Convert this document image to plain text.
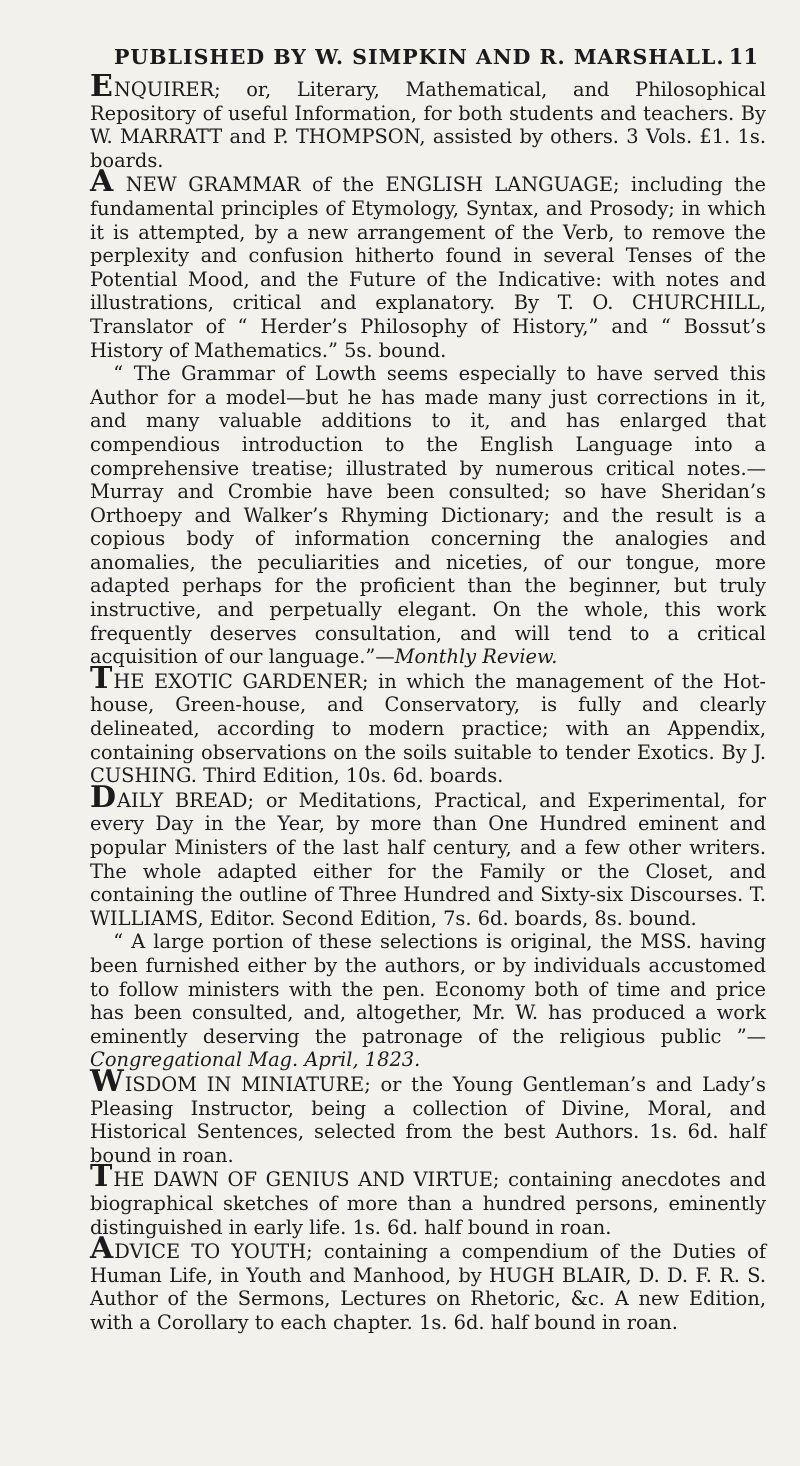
PUBLISHED BY W. SIMPKIN AND R. MARSHALL. 11

ENQUIRER; or, Literary, Mathematical, and Philosophical Repository of useful Information, for both students and teachers. By W. MARRATT and P. THOMPSON, assisted by others. 3 Vols. £1. 1s. boards.

A NEW GRAMMAR of the ENGLISH LANGUAGE; including the fundamental principles of Etymology, Syntax, and Prosody; in which it is attempted, by a new arrangement of the Verb, to remove the perplexity and confusion hitherto found in several Tenses of the Potential Mood, and the Future of the Indicative: with notes and illustrations, critical and explanatory. By T. O. CHURCHILL, Translator of “ Herder’s Philosophy of History,” and “ Bossut’s History of Mathematics.” 5s. bound.

“ The Grammar of Lowth seems especially to have served this Author for a model—but he has made many just corrections in it, and many valuable additions to it, and has enlarged that compendious introduction to the English Language into a comprehensive treatise; illustrated by numerous critical notes.—Murray and Crombie have been consulted; so have Sheridan’s Orthoepy and Walker’s Rhyming Dictionary; and the result is a copious body of information concerning the analogies and anomalies, the peculiarities and niceties, of our tongue, more adapted perhaps for the proficient than the beginner, but truly instructive, and perpetually elegant. On the whole, this work frequently deserves consultation, and will tend to a critical acquisition of our language.”—Monthly Review.

THE EXOTIC GARDENER; in which the management of the Hot-house, Green-house, and Conservatory, is fully and clearly delineated, according to modern practice; with an Appendix, containing observations on the soils suitable to tender Exotics. By J. CUSHING. Third Edition, 10s. 6d. boards.

DAILY BREAD; or Meditations, Practical, and Experimental, for every Day in the Year, by more than One Hundred eminent and popular Ministers of the last half century, and a few other writers. The whole adapted either for the Family or the Closet, and containing the outline of Three Hundred and Sixty-six Discourses. T. WILLIAMS, Editor. Second Edition, 7s. 6d. boards, 8s. bound.

“ A large portion of these selections is original, the MSS. having been furnished either by the authors, or by individuals accustomed to follow ministers with the pen. Economy both of time and price has been consulted, and, altogether, Mr. W. has produced a work eminently deserving the patronage of the religious public ”—Congregational Mag. April, 1823.

WISDOM IN MINIATURE; or the Young Gentleman’s and Lady’s Pleasing Instructor, being a collection of Divine, Moral, and Historical Sentences, selected from the best Authors. 1s. 6d. half bound in roan.

THE DAWN OF GENIUS AND VIRTUE; containing anecdotes and biographical sketches of more than a hundred persons, eminently distinguished in early life. 1s. 6d. half bound in roan.

ADVICE TO YOUTH; containing a compendium of the Duties of Human Life, in Youth and Manhood, by HUGH BLAIR, D. D. F. R. S. Author of the Sermons, Lectures on Rhetoric, &c. A new Edition, with a Corollary to each chapter. 1s. 6d. half bound in roan.
